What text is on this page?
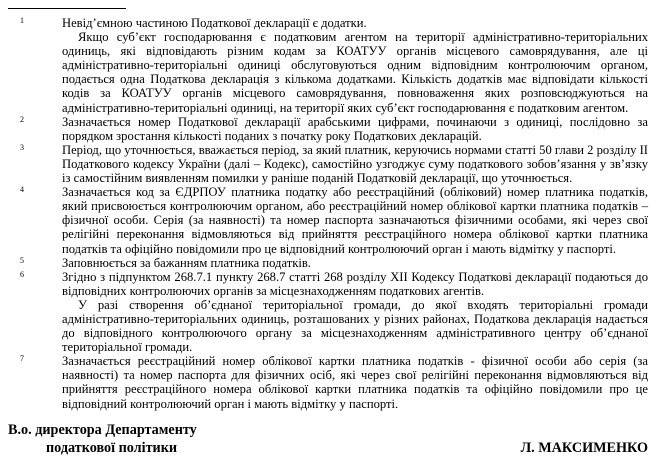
1	Невід’ємною частиною Податкової декларації є додатки.

Якщо суб’єкт господарювання є податковим агентом на території адміністративно-територіальних одиниць, які відповідають різним кодам за КОАТУУ органів місцевого самоврядування, але ці адміністративно-територіальні одиниці обслуговуються одним відповідним контролюючим органом, подається одна Податкова декларація з кількома додатками. Кількість додатків має відповідати кількості кодів за КОАТУУ органів місцевого самоврядування, повноваження яких розповсюджуються на адміністративно-територіальні одиниці, на території яких суб’єкт господарювання є податковим агентом.

2	Зазначається номер Податкової декларації арабськими цифрами, починаючи з одиниці, послідовно за порядком зростання кількості поданих з початку року Податкових декларацій.

3	Період, що уточнюється, вважається період, за який платник, керуючись нормами статті 50 глави 2 розділу II Податкового кодексу України (далі – Кодекс), самостійно узгоджує суму податкового зобов’язання у зв’язку із самостійним виявленням помилки у раніше поданій Податковій декларації, що уточнюється.

4	Зазначається код за ЄДРПОУ платника податку або реєстраційний (обліковий) номер платника податків, який присвоюється контролюючим органом, або реєстраційний номер облікової картки платника податків – фізичної особи. Серія (за наявності) та номер паспорта зазначаються фізичними особами, які через свої релігійні переконання відмовляються від прийняття реєстраційного номера облікової картки платника податків та офіційно повідомили про це відповідний контролюючий орган і мають відмітку у паспорті.

5	Заповнюється за бажанням платника податків.

6	Згідно з підпунктом 268.7.1 пункту 268.7 статті 268 розділу XII Кодексу Податкові декларації подаються до відповідних контролюючих органів за місцезнаходженням податкових агентів.

У разі створення об’єднаної територіальної громади, до якої входять територіальні громади адміністративно-територіальних одиниць, розташованих у різних районах, Податкова декларація надається до відповідного контролюючого органу за місцезнаходженням адміністративного центру об’єднаної територіальної громади.

7	Зазначається реєстраційний номер облікової картки платника податків - фізичної особи або серія (за наявності) та номер паспорта для фізичних осіб, які через свої релігійні переконання відмовляються від прийняття реєстраційного номера облікової картки платника податків та офіційно повідомили про це відповідний контролюючий орган і мають відмітку у паспорті.

В.о. директора Департаменту
податкової політики	Л. МАКСИМЕНКО
